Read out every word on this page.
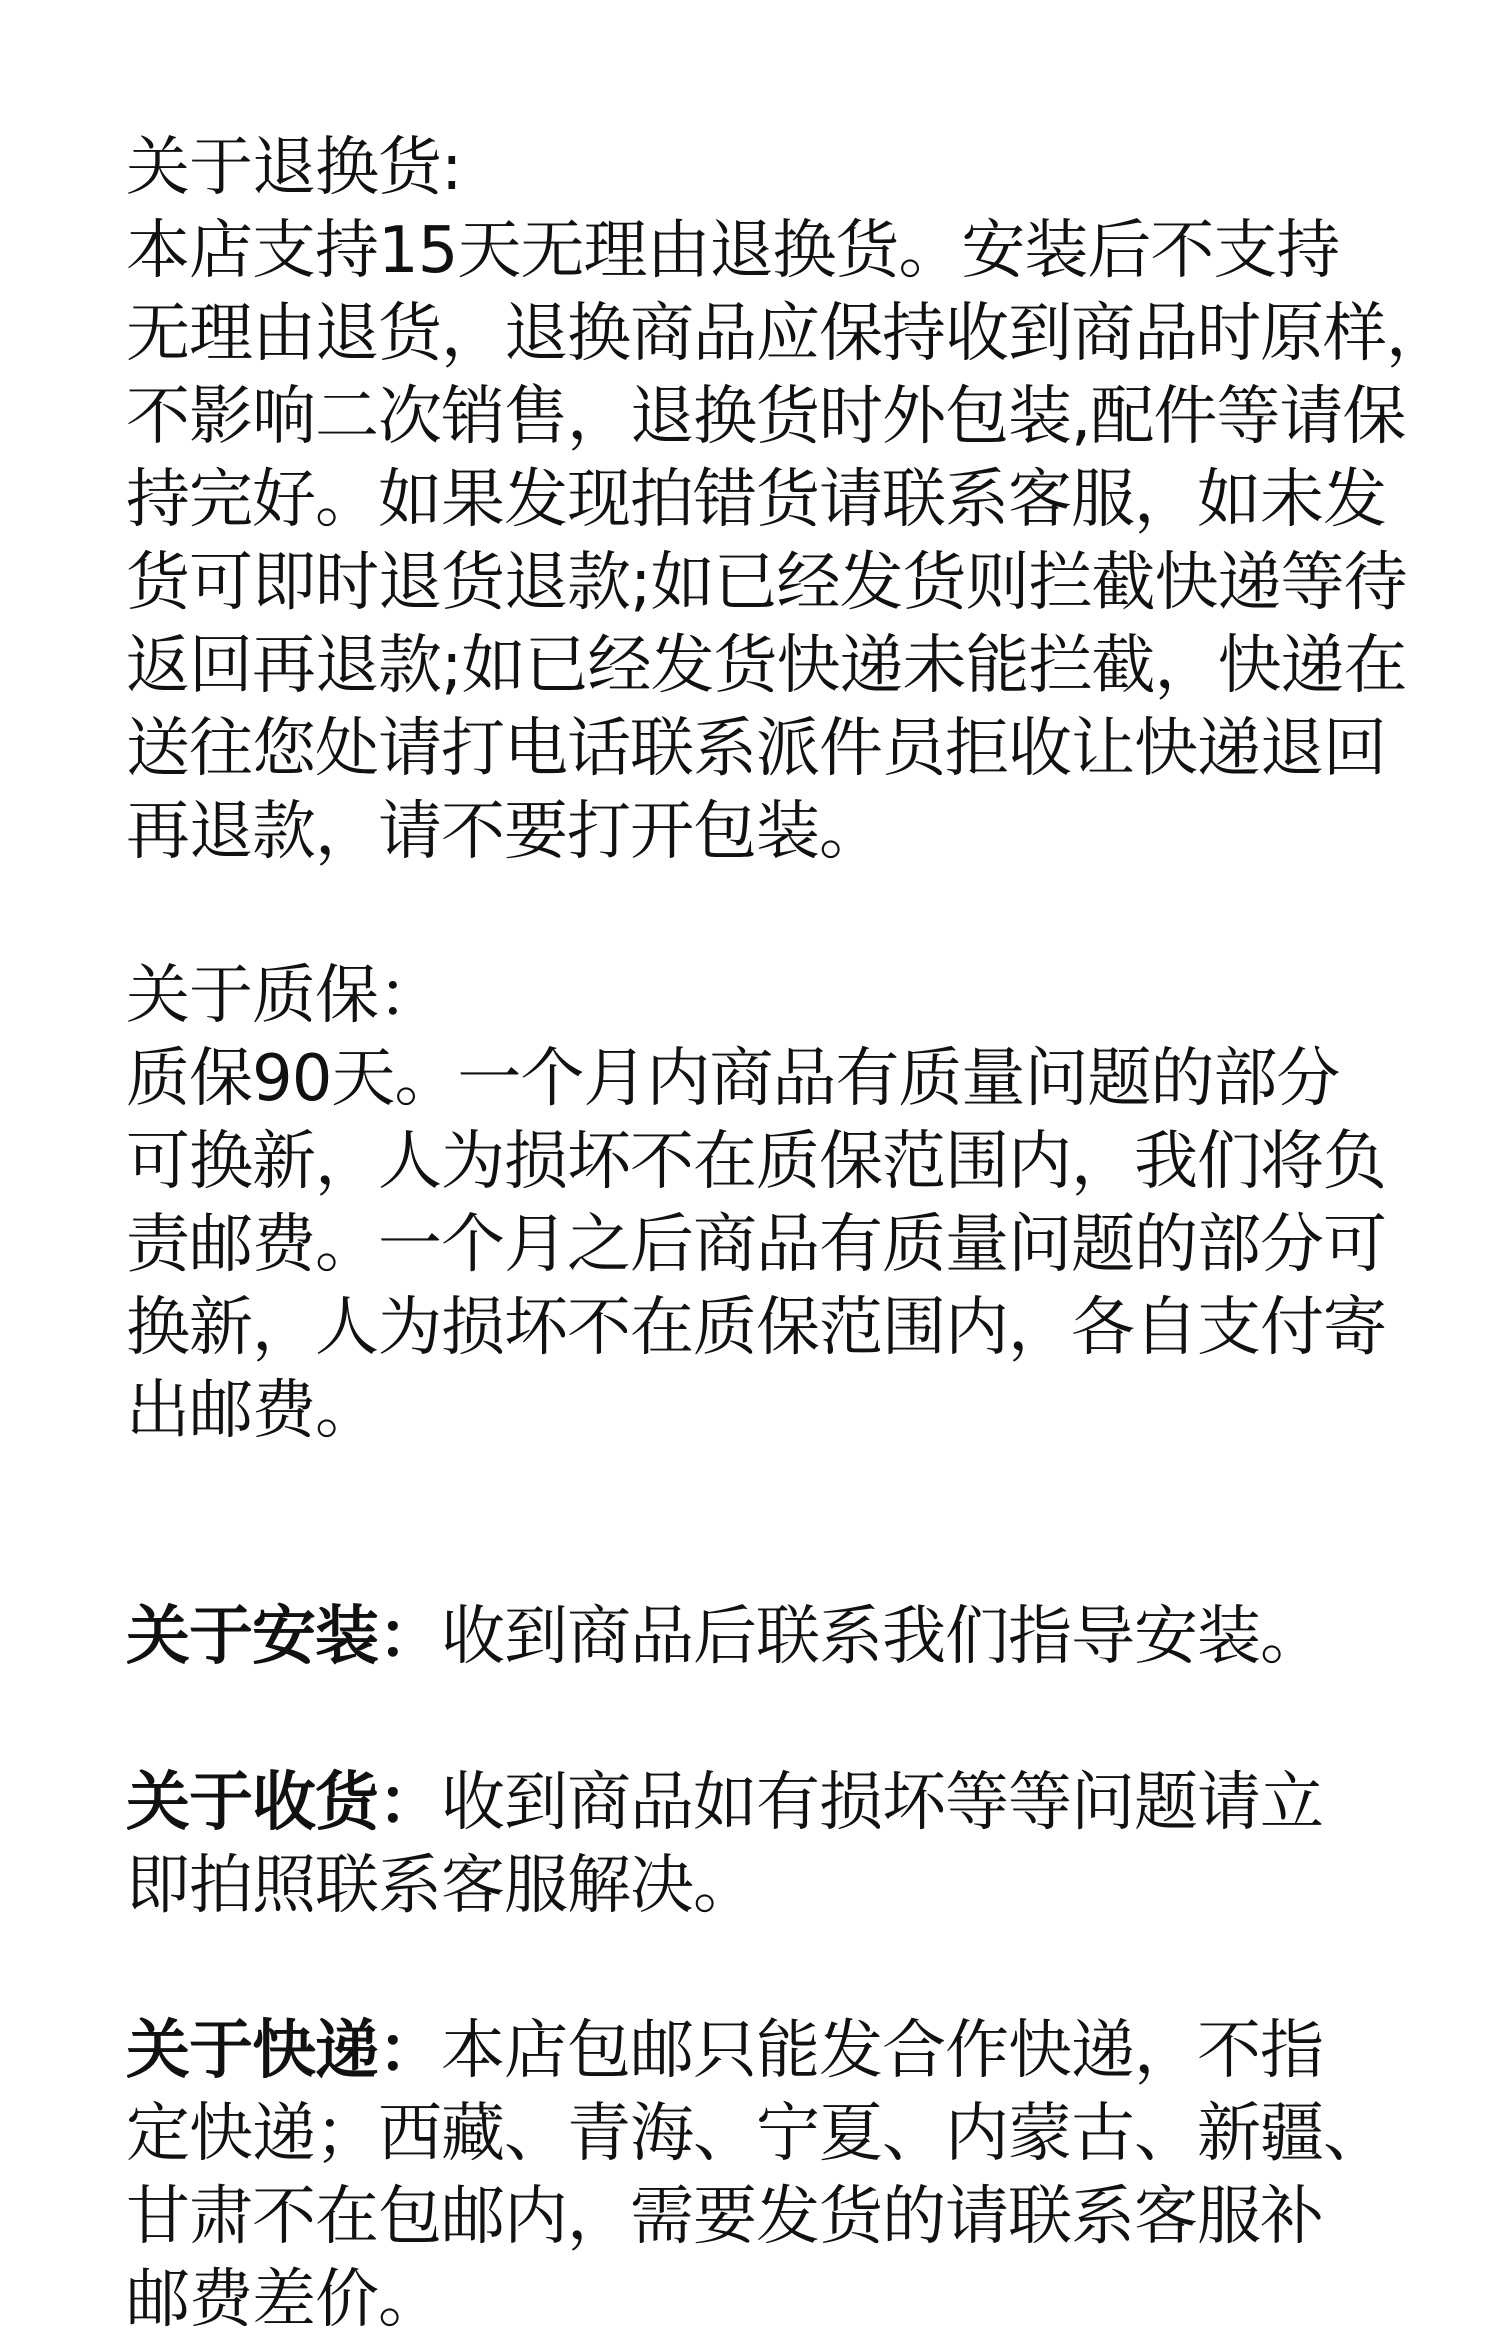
关于退换货:
本店支持15天无理由退换货。安装后不支持
无理由退货，退换商品应保持收到商品时原样，
不影响二次销售，退换货时外包装,配件等请保
持完好。如果发现拍错货请联系客服，如未发
货可即时退货退款;如已经发货则拦截快递等待
返回再退款;如已经发货快递未能拦截，快递在
送往您处请打电话联系派件员拒收让快递退回
再退款，请不要打开包装。
关于质保：
质保90天。一个月内商品有质量问题的部分
可换新，人为损坏不在质保范围内，我们将负
责邮费。一个月之后商品有质量问题的部分可
换新，人为损坏不在质保范围内，各自支付寄
出邮费。
关于安装：收到商品后联系我们指导安装。
关于收货：收到商品如有损坏等等问题请立
即拍照联系客服解决。
关于快递：本店包邮只能发合作快递，不指
定快递；西藏、青海、宁夏、内蒙古、新疆、
甘肃不在包邮内，需要发货的请联系客服补
邮费差价。
